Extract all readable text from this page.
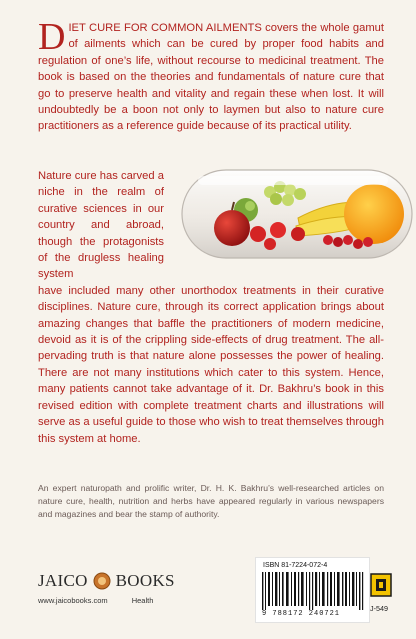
DIET CURE FOR COMMON AILMENTS covers the whole gamut of ailments which can be cured by proper food habits and regulation of one’s life, without recourse to medicinal treatment. The book is based on the theories and fundamentals of nature cure that go to preserve health and vitality and regain these when lost. It will undoubtedly be a boon not only to laymen but also to nature cure practitioners as a reference guide because of its practical utility.

Nature cure has carved a niche in the realm of curative sciences in our country and abroad, though the protagonists of the drugless healing system
have included many other unorthodox treatments in their curative disciplines. Nature cure, through its correct application brings about amazing changes that baffle the practitioners of modern medicine, devoid as it is of the crippling side-effects of drug treatment. The all-pervading truth is that nature alone possesses the power of healing. There are not many institutions which cater to this system. Hence, many patients cannot take advantage of it. Dr. Bakhru’s book in this revised edition with complete treatment charts and illustrations will serve as a useful guide to those who wish to treat themselves through this system at home.

An expert naturopath and prolific writer, Dr. H. K. Bakhru’s well-researched articles on nature cure, health, nutrition and herbs have appeared regularly in various newspapers and magazines and bear the stamp of authority.

JAICO BOOKS
www.jaicobooks.com	Health
ISBN 81-7224-072-4
9 788172 240721
J-549
